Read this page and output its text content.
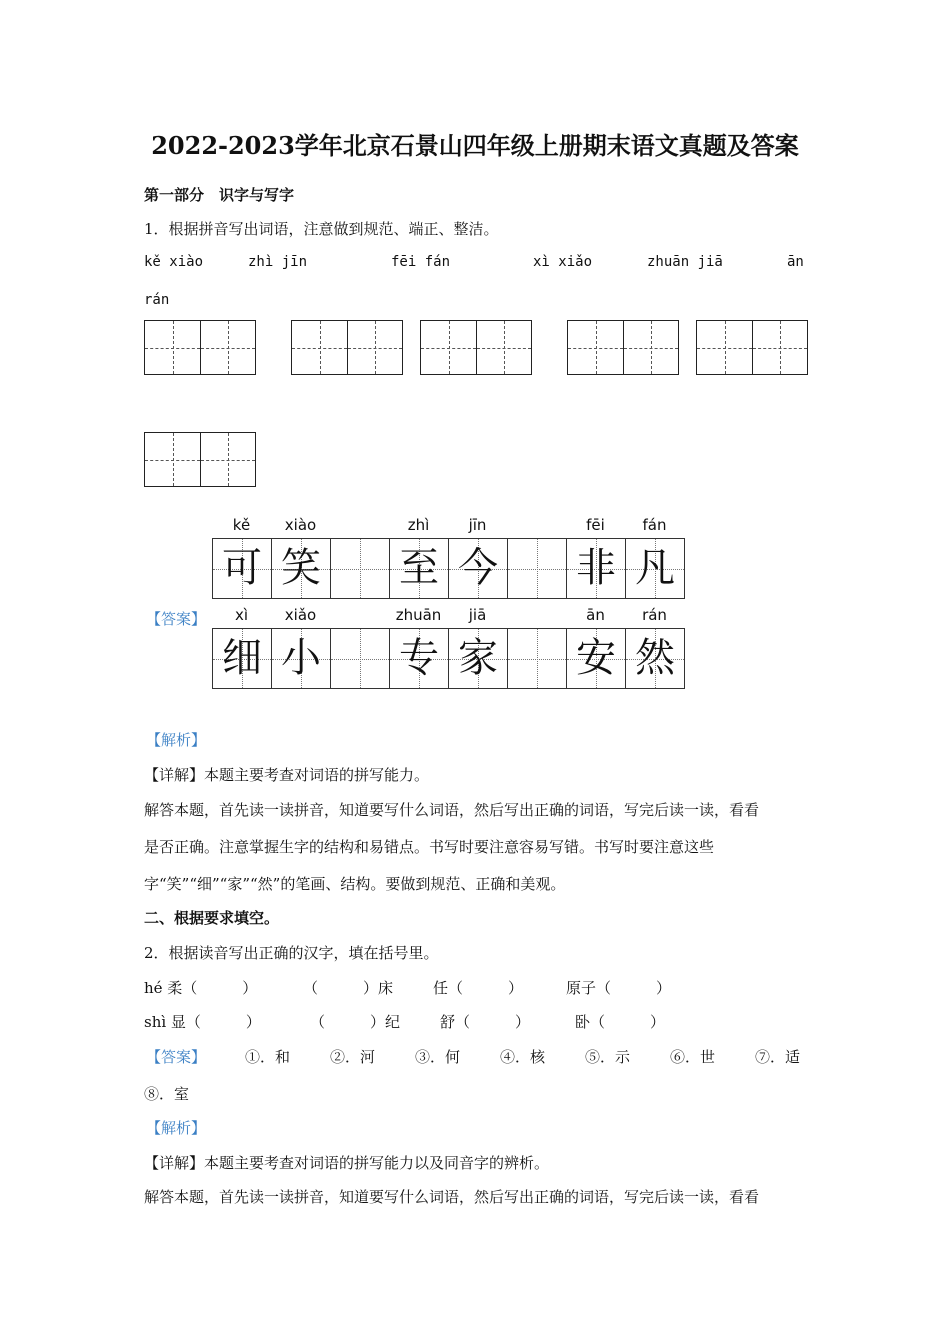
2022-2023学年北京石景山四年级上册期末语文真题及答案
第一部分　识字与写字
1．根据拼音写出词语，注意做到规范、端正、整洁。
kě xiào	zhì jīn	fēi fán	xì xiǎo	zhuān jiā	ān
rán
【答案】
kě	xiào	zhì	jīn	fēi	fán
可 笑 至 今 非 凡
xì	xiǎo	zhuān	jiā	ān	rán
细 小 专 家 安 然
【解析】
【详解】本题主要考查对词语的拼写能力。
解答本题，首先读一读拼音，知道要写什么词语，然后写出正确的词语，写完后读一读，看看
是否正确。注意掌握生字的结构和易错点。书写时要注意容易写错。书写时要注意这些
字“笑”“细”“家”“然”的笔画、结构。要做到规范、正确和美观。
二、根据要求填空。
2．根据读音写出正确的汉字，填在括号里。
hé 柔（　　　）	（　　　）床	任（　　　）	原子（　　　）
shì 显（　　　）	（　　　）纪	舒（　　　）	卧（　　　）
【答案】	①．和	②．河	③．何	④．核	⑤．示	⑥．世	⑦．适
⑧．室
【解析】
【详解】本题主要考查对词语的拼写能力以及同音字的辨析。
解答本题，首先读一读拼音，知道要写什么词语，然后写出正确的词语，写完后读一读，看看
